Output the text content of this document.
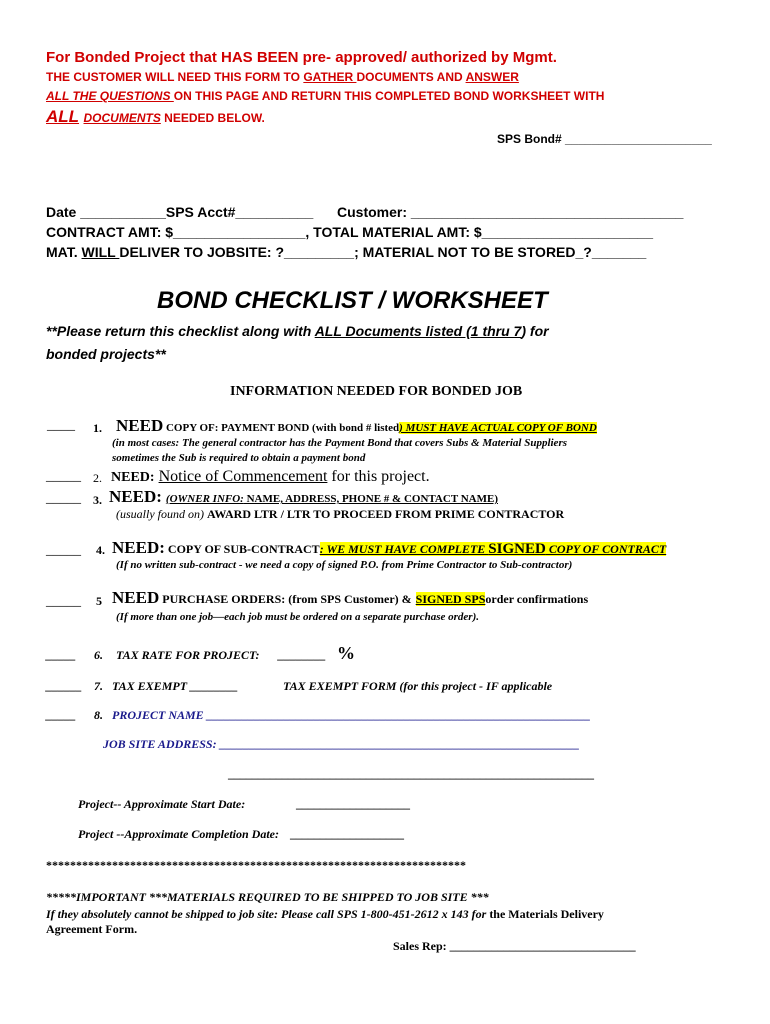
For Bonded Project that HAS BEEN pre- approved/ authorized by Mgmt.
THE CUSTOMER WILL NEED THIS FORM TO GATHER DOCUMENTS AND ANSWER
ALL THE QUESTIONS ON THIS PAGE AND RETURN THIS COMPLETED BOND WORKSHEET WITH
ALL DOCUMENTS NEEDED BELOW.
SPS Bond# ______________________
Date ___________SPS Acct#__________ Customer: ___________________________________
CONTRACT AMT: $_________________, TOTAL MATERIAL AMT: $______________________
MAT. WILL DELIVER TO JOBSITE: ?_________; MATERIAL NOT TO BE STORED_?_______
BOND CHECKLIST / WORKSHEET
**Please return this checklist along with ALL Documents listed (1 thru 7) for
bonded projects**
INFORMATION NEEDED FOR BONDED JOB
____ 1. NEED COPY OF: PAYMENT BOND (with bond # listed) MUST HAVE ACTUAL COPY OF BOND
(in most cases: The general contractor has the Payment Bond that covers Subs & Material Suppliers
sometimes the Sub is required to obtain a payment bond
_____ 2. NEED: Notice of Commencement for this project.
_____ 3. NEED: (OWNER INFO: NAME, ADDRESS, PHONE # & CONTACT NAME)
(usually found on) AWARD LTR / LTR TO PROCEED FROM PRIME CONTRACTOR
_____ 4. NEED: COPY OF SUB-CONTRACT: WE MUST HAVE COMPLETE SIGNED COPY OF CONTRACT
(If no written sub-contract - we need a copy of signed P.O. from Prime Contractor to Sub-contractor)
_____ 5 NEED PURCHASE ORDERS: (from SPS Customer) & SIGNED SPSorder confirmations
(If more than one job—each job must be ordered on a separate purchase order).
_____ 6. TAX RATE FOR PROJECT: ________ %
______ 7. TAX EXEMPT ________	TAX EXEMPT FORM (for this project - IF applicable
_____ 8. PROJECT NAME ________________________________________________________________
JOB SITE ADDRESS: ____________________________________________________________
_____________________________________________________________
Project-- Approximate Start Date:	___________________
Project --Approximate Completion Date: ___________________
**********************************************************************
*****IMPORTANT ***MATERIALS REQUIRED TO BE SHIPPED TO JOB SITE ***
If they absolutely cannot be shipped to job site: Please call SPS 1-800-451-2612 x 143 for the Materials Delivery
Agreement Form.
Sales Rep: _______________________________
